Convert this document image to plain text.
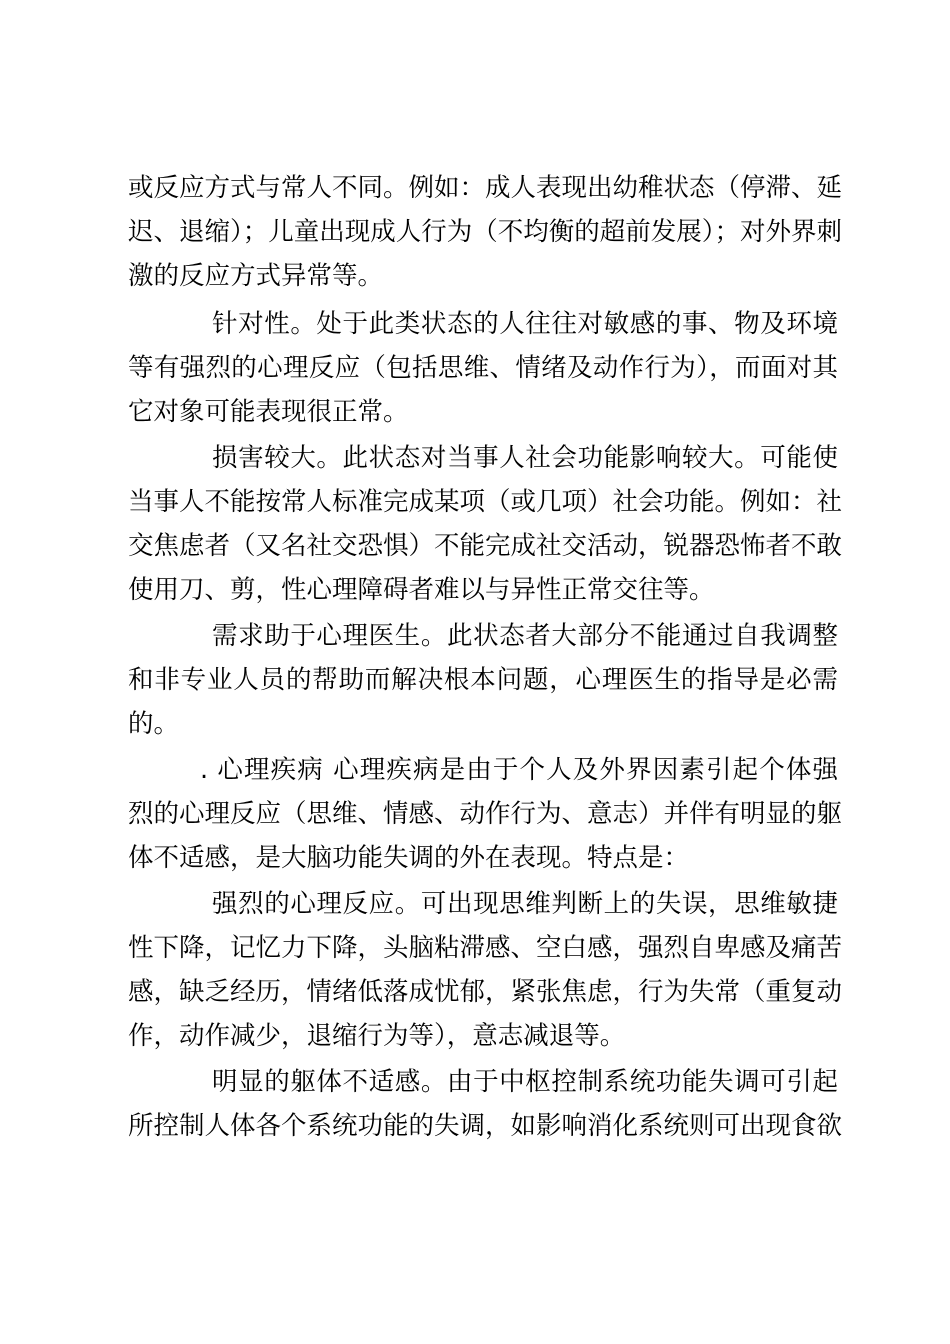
或反应方式与常人不同。例如：成人表现出幼稚状态（停滞、延
迟、退缩）；儿童出现成人行为（不均衡的超前发展）；对外界刺
激的反应方式异常等。
针对性。处于此类状态的人往往对敏感的事、物及环境
等有强烈的心理反应（包括思维、情绪及动作行为），而面对其
它对象可能表现很正常。
损害较大。此状态对当事人社会功能影响较大。可能使
当事人不能按常人标准完成某项（或几项）社会功能。例如：社
交焦虑者（又名社交恐惧）不能完成社交活动，锐器恐怖者不敢
使用刀、剪，性心理障碍者难以与异性正常交往等。
需求助于心理医生。此状态者大部分不能通过自我调整
和非专业人员的帮助而解决根本问题，心理医生的指导是必需
的。
. 心理疾病 心理疾病是由于个人及外界因素引起个体强
烈的心理反应（思维、情感、动作行为、意志）并伴有明显的躯
体不适感，是大脑功能失调的外在表现。特点是：
强烈的心理反应。可出现思维判断上的失误，思维敏捷
性下降，记忆力下降，头脑粘滞感、空白感，强烈自卑感及痛苦
感，缺乏经历，情绪低落成忧郁，紧张焦虑，行为失常（重复动
作，动作减少，退缩行为等），意志减退等。
明显的躯体不适感。由于中枢控制系统功能失调可引起
所控制人体各个系统功能的失调，如影响消化系统则可出现食欲
